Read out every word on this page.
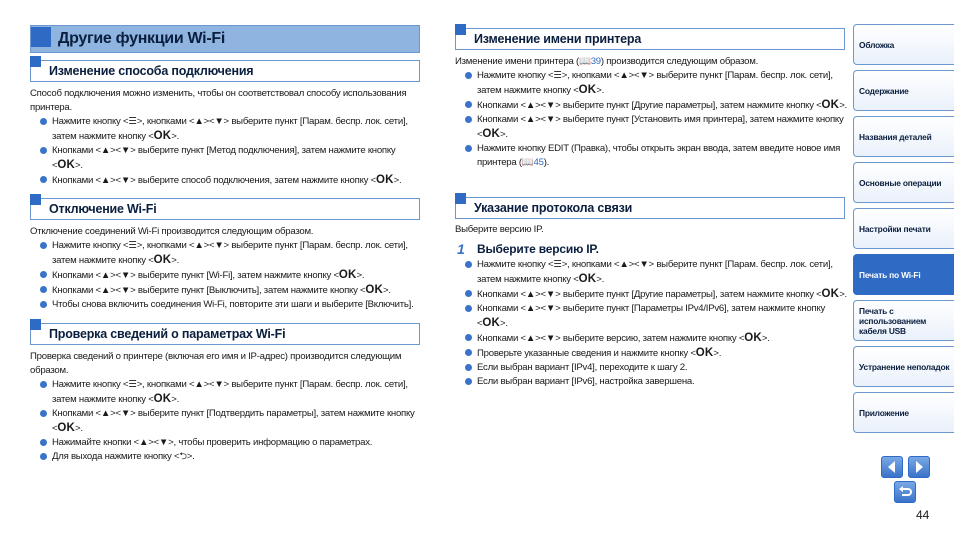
Другие функции Wi-Fi
Изменение способа подключения

Способ подключения можно изменить, чтобы он соответствовал способу использования принтера.

Нажмите кнопку <☰>, кнопками <▲><▼> выберите пункт [Парам. беспр. лок. сети], затем нажмите кнопку <OK>.
Кнопками <▲><▼> выберите пункт [Метод подключения], затем нажмите кнопку <OK>.
Кнопками <▲><▼> выберите способ подключения, затем нажмите кнопку <OK>.
Отключение Wi-Fi

Отключение соединений Wi-Fi производится следующим образом.

Нажмите кнопку <☰>, кнопками <▲><▼> выберите пункт [Парам. беспр. лок. сети], затем нажмите кнопку <OK>.
Кнопками <▲><▼> выберите пункт [Wi-Fi], затем нажмите кнопку <OK>.
Кнопками <▲><▼> выберите пункт [Выключить], затем нажмите кнопку <OK>.
Чтобы снова включить соединения Wi-Fi, повторите эти шаги и выберите [Включить].
Проверка сведений о параметрах Wi-Fi

Проверка сведений о принтере (включая его имя и IP-адрес) производится следующим образом.

Нажмите кнопку <☰>, кнопками <▲><▼> выберите пункт [Парам. беспр. лок. сети], затем нажмите кнопку <OK>.
Кнопками <▲><▼> выберите пункт [Подтвердить параметры], затем нажмите кнопку <OK>.
Нажимайте кнопки <▲><▼>, чтобы проверить информацию о параметрах.
Для выхода нажмите кнопку <⮌>.
Изменение имени принтера

Изменение имени принтера (📖39) производится следующим образом.

Нажмите кнопку <☰>, кнопками <▲><▼> выберите пункт [Парам. беспр. лок. сети], затем нажмите кнопку <OK>.
Кнопками <▲><▼> выберите пункт [Другие параметры], затем нажмите кнопку <OK>.
Кнопками <▲><▼> выберите пункт [Установить имя принтера], затем нажмите кнопку <OK>.
Нажмите кнопку EDIT (Правка), чтобы открыть экран ввода, затем введите новое имя принтера (📖45).
Указание протокола связи

Выберите версию IP.

1 Выберите версию IP.
Нажмите кнопку <☰>, кнопками <▲><▼> выберите пункт [Парам. беспр. лок. сети], затем нажмите кнопку <OK>.
Кнопками <▲><▼> выберите пункт [Другие параметры], затем нажмите кнопку <OK>.
Кнопками <▲><▼> выберите пункт [Параметры IPv4/IPv6], затем нажмите кнопку <OK>.
Кнопками <▲><▼> выберите версию, затем нажмите кнопку <OK>.
Проверьте указанные сведения и нажмите кнопку <OK>.
Если выбран вариант [IPv4], переходите к шагу 2.
Если выбран вариант [IPv6], настройка завершена.
Обложка
Содержание
Названия деталей
Основные операции
Настройки печати
Печать по Wi-Fi
Печать с использованием кабеля USB
Устранение неполадок
Приложение
44
